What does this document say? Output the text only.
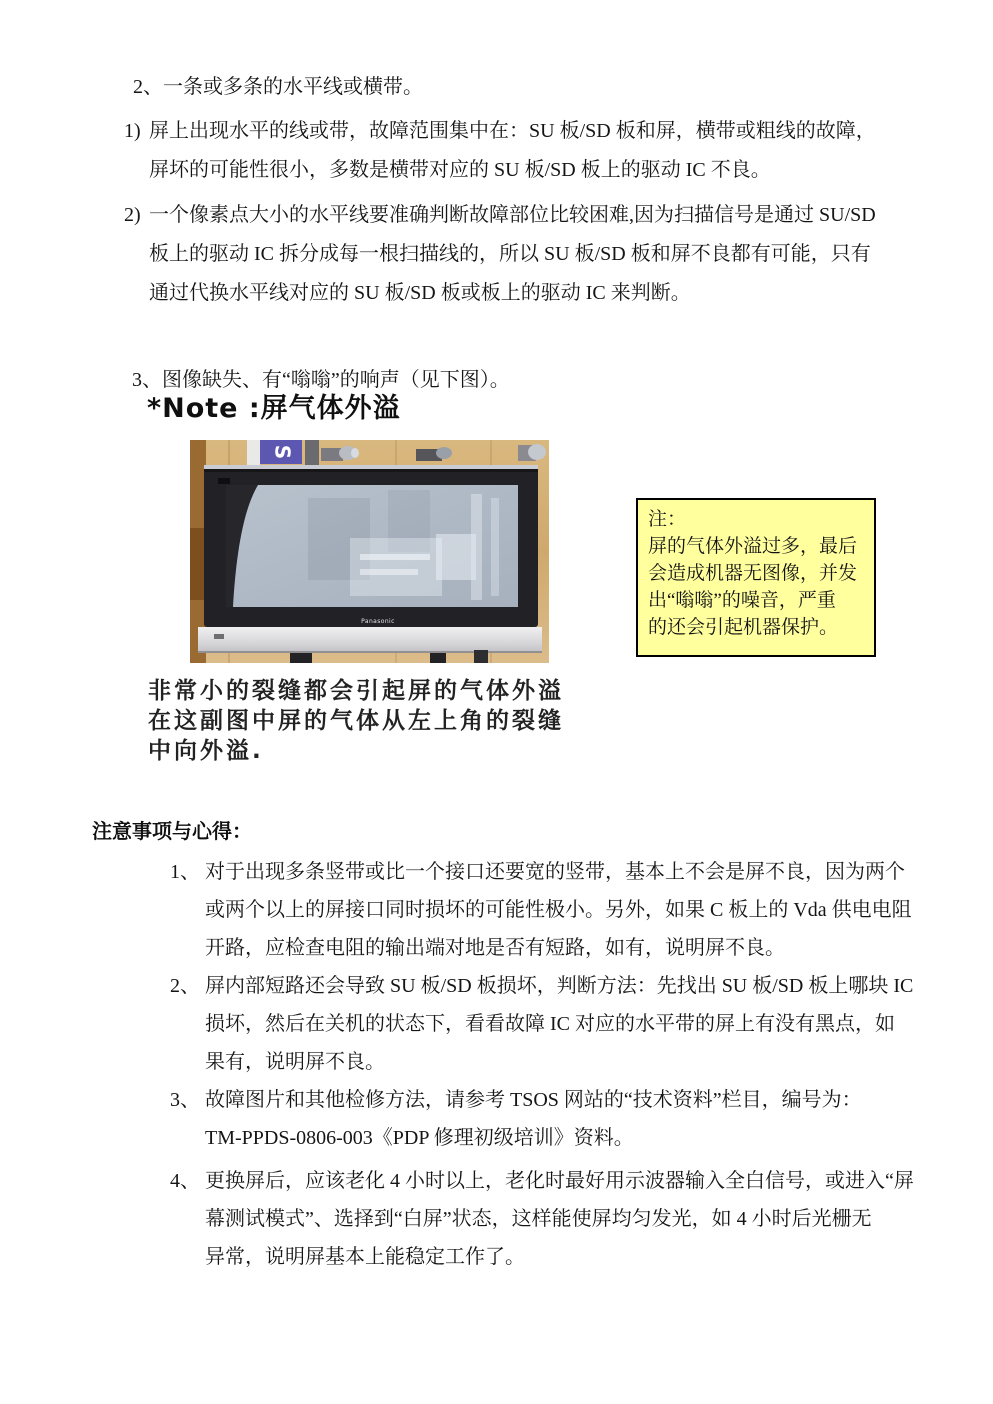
2、一条或多条的水平线或横带。
1) 屏上出现水平的线或带，故障范围集中在：SU 板/SD 板和屏，横带或粗线的故障，
屏坏的可能性很小，多数是横带对应的 SU 板/SD 板上的驱动 IC 不良。
2) 一个像素点大小的水平线要准确判断故障部位比较困难,因为扫描信号是通过 SU/SD
板上的驱动 IC 拆分成每一根扫描线的，所以 SU 板/SD 板和屏不良都有可能，只有
通过代换水平线对应的 SU 板/SD 板或板上的驱动 IC 来判断。
3、图像缺失、有“嗡嗡”的响声（见下图）。
*Note :屏气体外溢
S
Panasonic
注：
屏的气体外溢过多，最后
会造成机器无图像，并发
出“嗡嗡”的噪音，严重
的还会引起机器保护。
非常小的裂缝都会引起屏的气体外溢
在这副图中屏的气体从左上角的裂缝
中向外溢.
注意事项与心得：
1、 对于出现多条竖带或比一个接口还要宽的竖带，基本上不会是屏不良，因为两个
或两个以上的屏接口同时损坏的可能性极小。另外，如果 C 板上的 Vda 供电电阻
开路，应检查电阻的输出端对地是否有短路，如有，说明屏不良。
2、 屏内部短路还会导致 SU 板/SD 板损坏，判断方法：先找出 SU 板/SD 板上哪块 IC
损坏，然后在关机的状态下，看看故障 IC 对应的水平带的屏上有没有黑点，如
果有，说明屏不良。
3、 故障图片和其他检修方法，请参考 TSOS 网站的“技术资料”栏目，编号为：
TM-PPDS-0806-003《PDP 修理初级培训》资料。
4、 更换屏后，应该老化 4 小时以上，老化时最好用示波器输入全白信号，或进入“屏
幕测试模式”、选择到“白屏”状态，这样能使屏均匀发光，如 4 小时后光栅无
异常，说明屏基本上能稳定工作了。
